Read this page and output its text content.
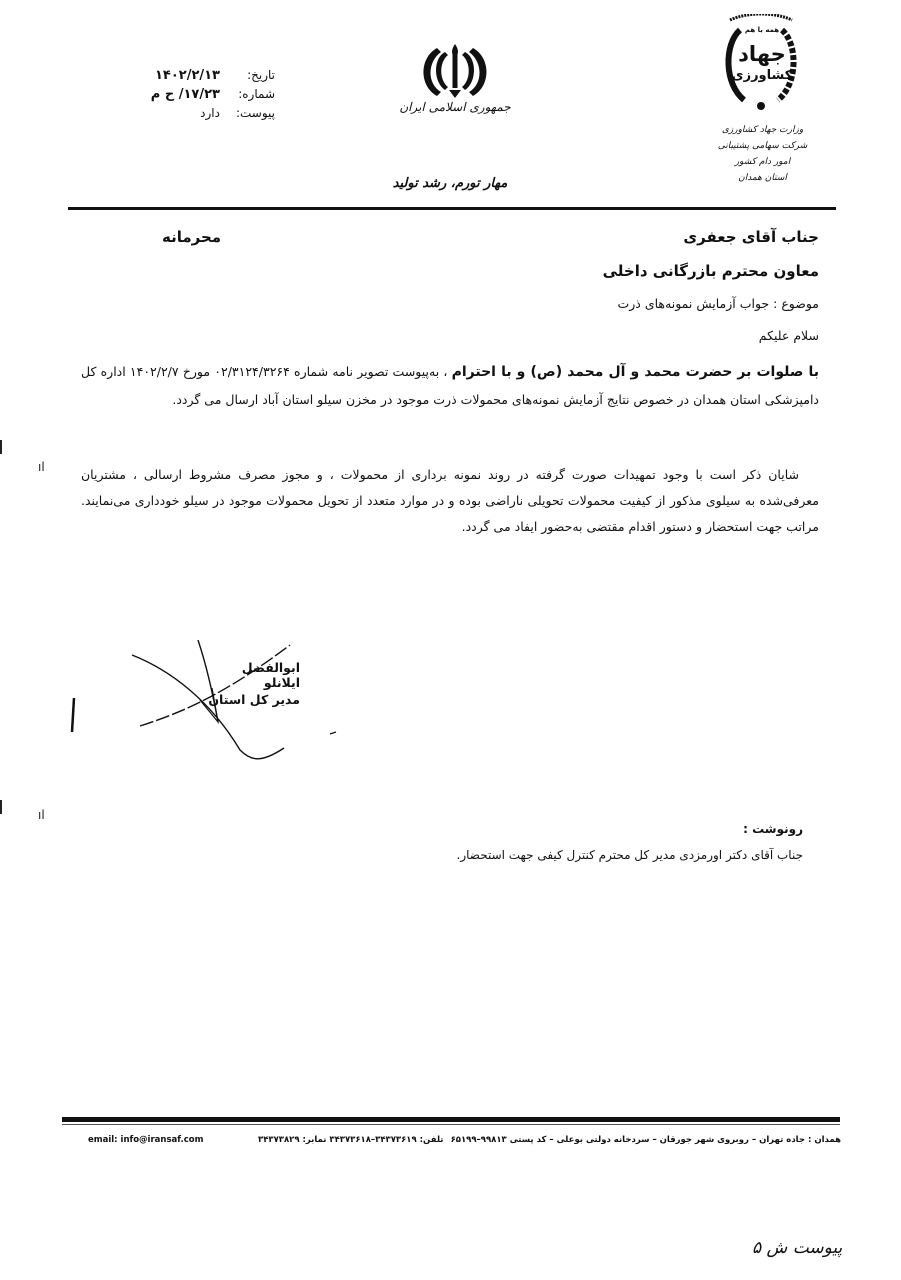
تاریخ:
۱۴۰۲/۲/۱۳
شماره:
۱۷/۲۳/ ح م
پیوست:
دارد	جمهوری اسلامی ایران
مهار تورم، رشد تولید
همه با هم
جهاد
کشاورزی
وزارت جهاد کشاورزی
شرکت سهامی پشتیبانی امور دام کشور
استان همدان
جناب آقای جعفری
محرمانه
معاون محترم بازرگانی داخلی
موضوع : جواب آزمایش نمونه‌های ذرت
سلام علیکم
با صلوات بر حضرت محمد و آل محمد (ص) و با احترام ، به‌پیوست تصویر نامه شماره ۰۲/۳۱۲۴/۳۲۶۴ مورخ ۱۴۰۲/۲/۷ اداره کل دامپزشکی استان همدان در خصوص نتایج آزمایش نمونه‌های محمولات ذرت موجود در مخزن سیلو استان آباد ارسال می گردد.
شایان ذکر است با وجود تمهیدات صورت گرفته در روند نمونه برداری از محمولات ، و مجوز مصرف مشروط ارسالی ، مشتریان معرفی‌شده به سیلوی مذکور از کیفیت محمولات تحویلی ناراضی بوده و در موارد متعدد از تحویل محمولات موجود در سیلو خودداری می‌نمایند. مراتب جهت استحضار و دستور اقدام مقتضی به‌حضور ایفاد می گردد.
ابوالفضل ایلانلو
مدیر کل استان
رونوشت :
جناب آقای دکتر اورمزدی مدیر کل محترم کنترل کیفی جهت استحضار.
ıl
ıl
همدان : جاده تهران – روبروی شهر جورقان – سردخانه دولتی بوعلی – کد پستی ۹۹۸۱۳–۶۵۱۹۹
تلفن: ۳۴۳۷۳۶۱۹–۳۴۳۷۳۶۱۸ نمابر: ۳۴۳۷۳۸۲۹
email: info@iransaf.com
پیوست ش ۵
